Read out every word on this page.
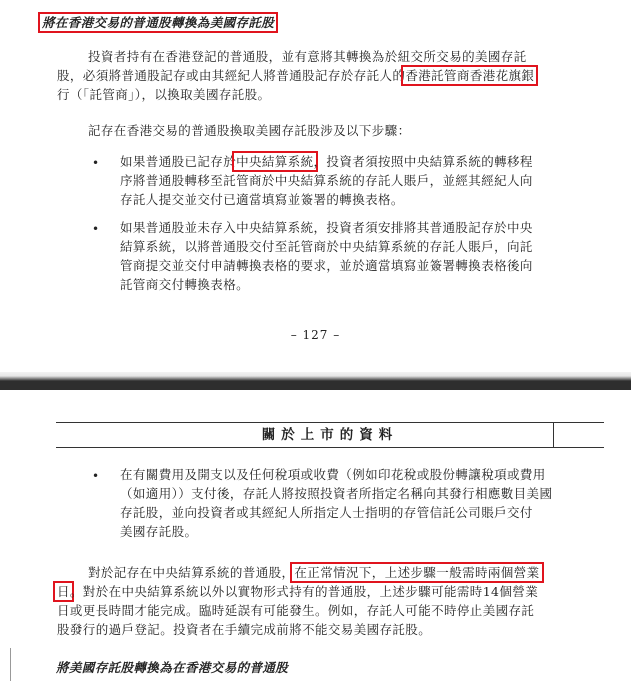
將在香港交易的普通股轉換為美國存託股
投資者持有在香港登記的普通股，並有意將其轉換為於紐交所交易的美國存託
股，必須將普通股記存或由其經紀人將普通股記存於存託人的香港託管商香港花旗銀
行（「託管商」），以換取美國存託股。
記存在香港交易的普通股換取美國存託股涉及以下步驟：
• 如果普通股已記存於中央結算系統，投資者須按照中央結算系統的轉移程
序將普通股轉移至託管商於中央結算系統的存託人賬戶，並經其經紀人向
存託人提交並交付已適當填寫並簽署的轉換表格。
• 如果普通股並未存入中央結算系統，投資者須安排將其普通股記存於中央
結算系統，以將普通股交付至託管商於中央結算系統的存託人賬戶，向託
管商提交並交付申請轉換表格的要求，並於適當填寫並簽署轉換表格後向
託管商交付轉換表格。
– 127 –
關於上市的資料
• 在有關費用及開支以及任何稅項或收費（例如印花稅或股份轉讓稅項或費用
（如適用））支付後，存託人將按照投資者所指定名稱向其發行相應數目美國
存託股，並向投資者或其經紀人所指定人士指明的存管信託公司賬戶交付
美國存託股。
對於記存在中央結算系統的普通股，在正常情況下，上述步驟一般需時兩個營業
日。對於在中央結算系統以外以實物形式持有的普通股，上述步驟可能需時14個營業
日或更長時間才能完成。臨時延誤有可能發生。例如，存託人可能不時停止美國存託
股發行的過戶登記。投資者在手續完成前將不能交易美國存託股。
將美國存託股轉換為在香港交易的普通股
